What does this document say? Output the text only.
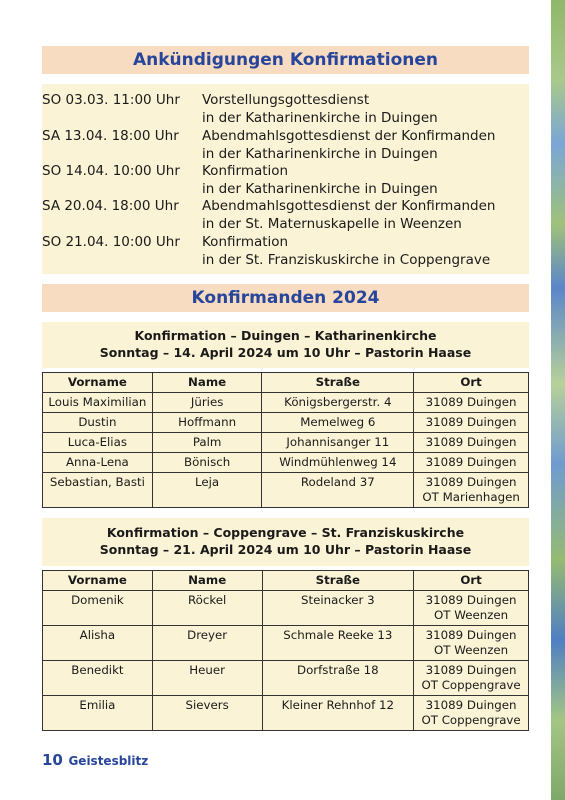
Ankündigungen Konfirmationen
SO 03.03. 11:00 Uhr Vorstellungsgottesdienst
in der Katharinenkirche in Duingen
SA 13.04. 18:00 Uhr Abendmahlsgottesdienst der Konfirmanden
in der Katharinenkirche in Duingen
SO 14.04. 10:00 Uhr Konfirmation
in der Katharinenkirche in Duingen
SA 20.04. 18:00 Uhr Abendmahlsgottesdienst der Konfirmanden
in der St. Maternuskapelle in Weenzen
SO 21.04. 10:00 Uhr Konfirmation
in der St. Franziskuskirche in Coppengrave
Konfirmanden 2024
Konfirmation – Duingen – Katharinenkirche
Sonntag – 14. April 2024 um 10 Uhr – Pastorin Haase
Vorname	Name	Straße	Ort
Louis Maximilian	Jüries	Königsbergerstr. 4	31089 Duingen
Dustin	Hoffmann	Memelweg 6	31089 Duingen
Luca-Elias	Palm	Johannisanger 11	31089 Duingen
Anna-Lena	Bönisch	Windmühlenweg 14	31089 Duingen
Sebastian, Basti	Leja	Rodeland 37	31089 Duingen
OT Marienhagen
Konfirmation – Coppengrave – St. Franziskuskirche
Sonntag – 21. April 2024 um 10 Uhr – Pastorin Haase
Vorname	Name	Straße	Ort
Domenik	Röckel	Steinacker 3	31089 Duingen
OT Weenzen
Alisha	Dreyer	Schmale Reeke 13	31089 Duingen
OT Weenzen
Benedikt	Heuer	Dorfstraße 18	31089 Duingen
OT Coppengrave
Emilia	Sievers	Kleiner Rehnhof 12	31089 Duingen
OT Coppengrave
10 Geistesblitz
